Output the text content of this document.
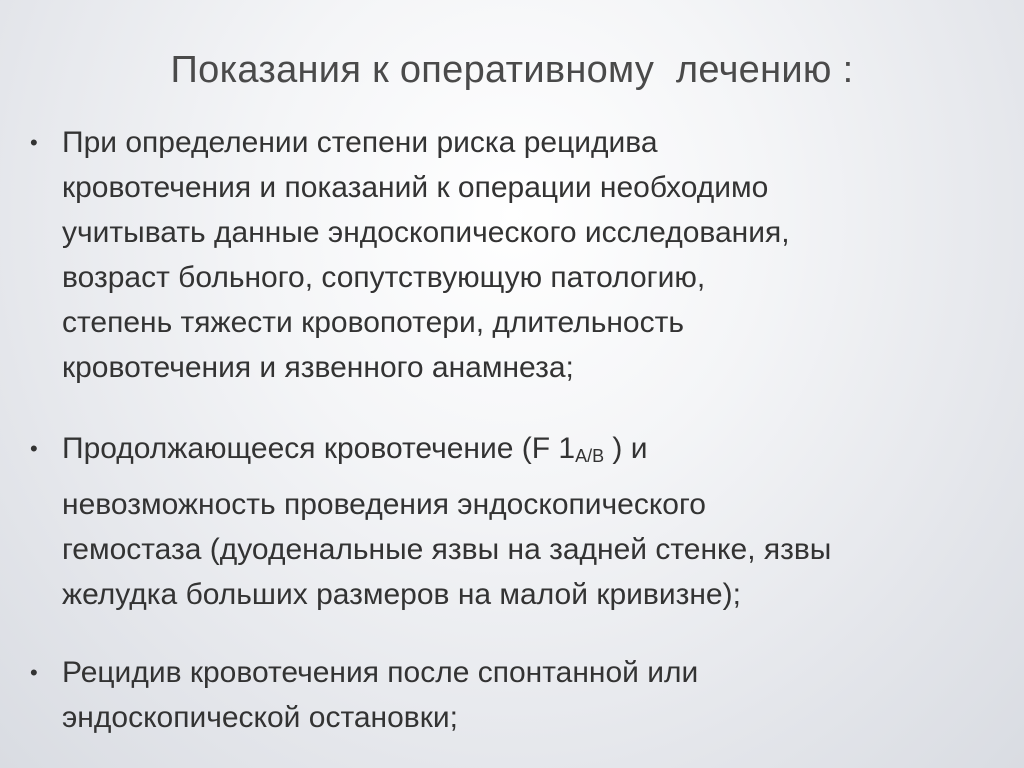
Показания к оперативному  лечению :
• При определении степени риска рецидива
кровотечения и показаний к операции необходимо
учитывать данные эндоскопического исследования,
возраст больного, сопутствующую патологию,
степень тяжести кровопотери, длительность
кровотечения и язвенного анамнеза;
• Продолжающееся кровотечение (F $1_{A/B}$ ) и
невозможность проведения эндоскопического
гемостаза (дуоденальные язвы на задней стенке, язвы
желудка больших размеров на малой кривизне);
• Рецидив кровотечения после спонтанной или
эндоскопической остановки;
